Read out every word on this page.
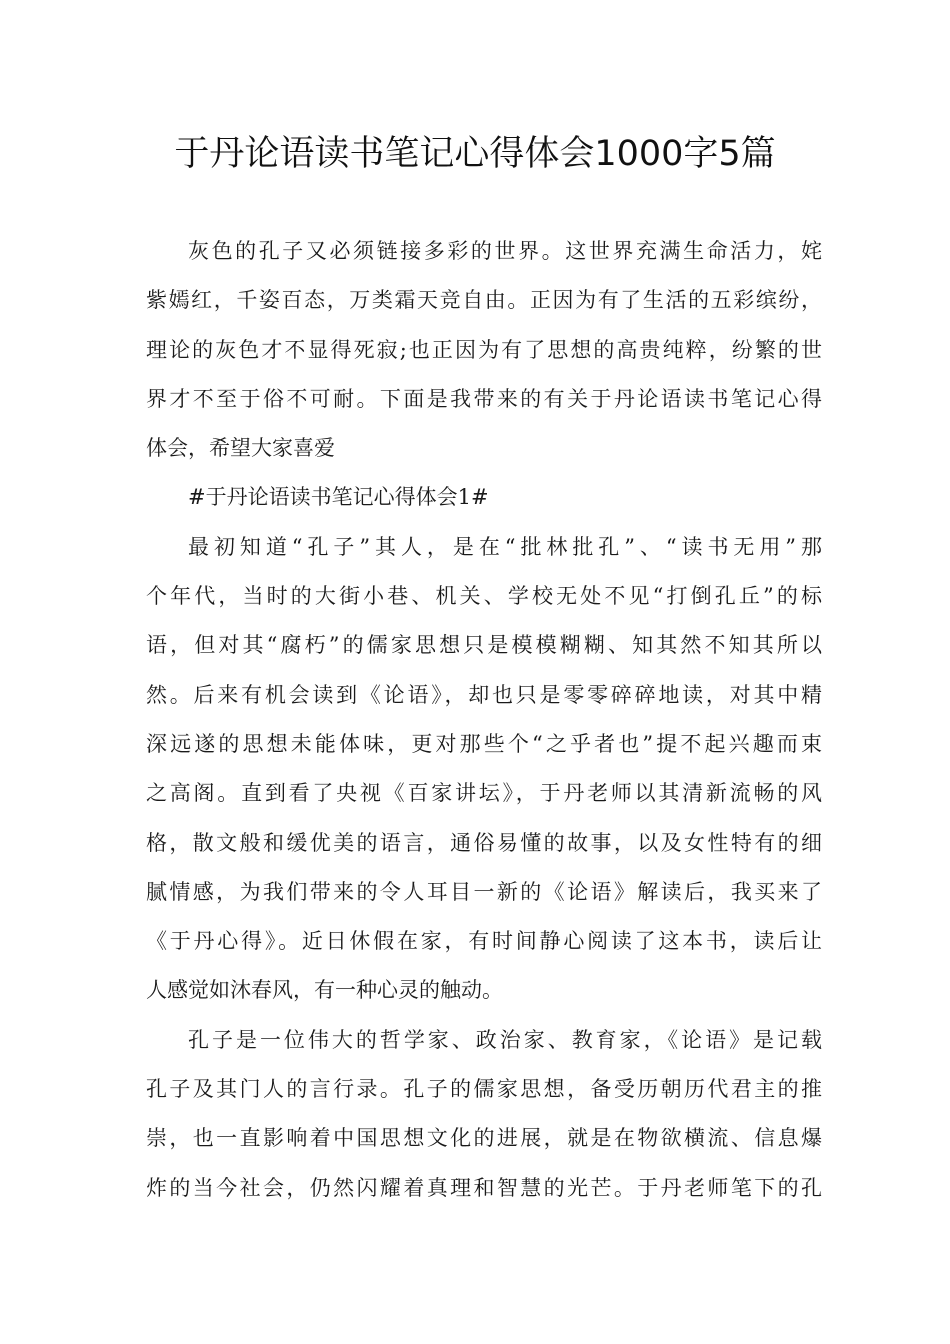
于丹论语读书笔记心得体会1000字5篇
灰色的孔子又必须链接多彩的世界。这世界充满生命活力，姹
紫嫣红，千姿百态，万类霜天竞自由。正因为有了生活的五彩缤纷，
理论的灰色才不显得死寂;也正因为有了思想的高贵纯粹，纷繁的世
界才不至于俗不可耐。下面是我带来的有关于丹论语读书笔记心得
体会，希望大家喜爱
#于丹论语读书笔记心得体会1#
最初知道“孔子”其人，是在“批林批孔”、“读书无用”那
个年代，当时的大街小巷、机关、学校无处不见“打倒孔丘”的标
语，但对其“腐朽”的儒家思想只是模模糊糊、知其然不知其所以
然。后来有机会读到《论语》，却也只是零零碎碎地读，对其中精
深远遂的思想未能体味，更对那些个“之乎者也”提不起兴趣而束
之高阁。直到看了央视《百家讲坛》，于丹老师以其清新流畅的风
格，散文般和缓优美的语言，通俗易懂的故事，以及女性特有的细
腻情感，为我们带来的令人耳目一新的《论语》解读后，我买来了
《于丹心得》。近日休假在家，有时间静心阅读了这本书，读后让
人感觉如沐春风，有一种心灵的触动。
孔子是一位伟大的哲学家、政治家、教育家，《论语》是记载
孔子及其门人的言行录。孔子的儒家思想，备受历朝历代君主的推
崇，也一直影响着中国思想文化的进展，就是在物欲横流、信息爆
炸的当今社会，仍然闪耀着真理和智慧的光芒。于丹老师笔下的孔
